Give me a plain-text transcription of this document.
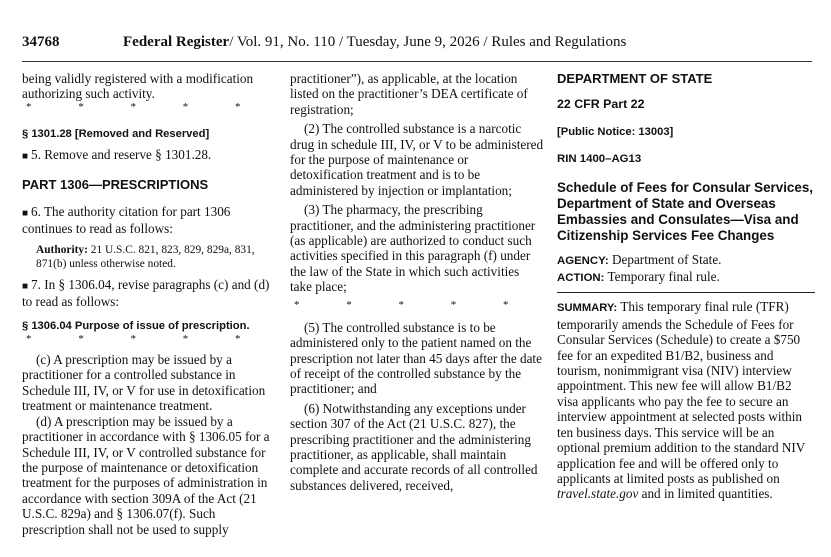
34768	Federal Register/ Vol. 91, No. 110 / Tuesday, June 9, 2026 / Rules and Regulations

being validly registered with a modification authorizing such activity.

* * * * *

§ 1301.28 [Removed and Reserved]

■ 5. Remove and reserve § 1301.28.

PART 1306—PRESCRIPTIONS

■ 6. The authority citation for part 1306 continues to read as follows:

Authority: 21 U.S.C. 821, 823, 829, 829a, 831, 871(b) unless otherwise noted.

■ 7. In § 1306.04, revise paragraphs (c) and (d) to read as follows:

§ 1306.04 Purpose of issue of prescription.

* * * * *

(c) A prescription may be issued by a practitioner for a controlled substance in Schedule III, IV, or V for use in detoxification treatment or maintenance treatment.

(d) A prescription may be issued by a practitioner in accordance with § 1306.05 for a Schedule III, IV, or V controlled substance for the purpose of maintenance or detoxification treatment for the purposes of administration in accordance with section 309A of the Act (21 U.S.C. 829a) and § 1306.07(f). Such prescription shall not be used to supply

practitioner”), as applicable, at the location listed on the practitioner’s DEA certificate of registration;

(2) The controlled substance is a narcotic drug in schedule III, IV, or V to be administered for the purpose of maintenance or detoxification treatment and is to be administered by injection or implantation;

(3) The pharmacy, the prescribing practitioner, and the administering practitioner (as applicable) are authorized to conduct such activities specified in this paragraph (f) under the law of the State in which such activities take place;

* * * * *

(5) The controlled substance is to be administered only to the patient named on the prescription not later than 45 days after the date of receipt of the controlled substance by the practitioner; and

(6) Notwithstanding any exceptions under section 307 of the Act (21 U.S.C. 827), the prescribing practitioner and the administering practitioner, as applicable, shall maintain complete and accurate records of all controlled substances delivered, received,

DEPARTMENT OF STATE

22 CFR Part 22

[Public Notice: 13003]

RIN 1400–AG13

Schedule of Fees for Consular Services, Department of State and Overseas Embassies and Consulates—Visa and Citizenship Services Fee Changes

AGENCY: Department of State.

ACTION: Temporary final rule.

SUMMARY: This temporary final rule (TFR) temporarily amends the Schedule of Fees for Consular Services (Schedule) to create a $750 fee for an expedited B1/B2, business and tourism, nonimmigrant visa (NIV) interview appointment. This new fee will allow B1/B2 visa applicants who pay the fee to secure an interview appointment at selected posts within ten business days. This service will be an optional premium addition to the standard NIV application fee and will be offered only to applicants at limited posts as published on travel.state.gov and in limited quantities.
